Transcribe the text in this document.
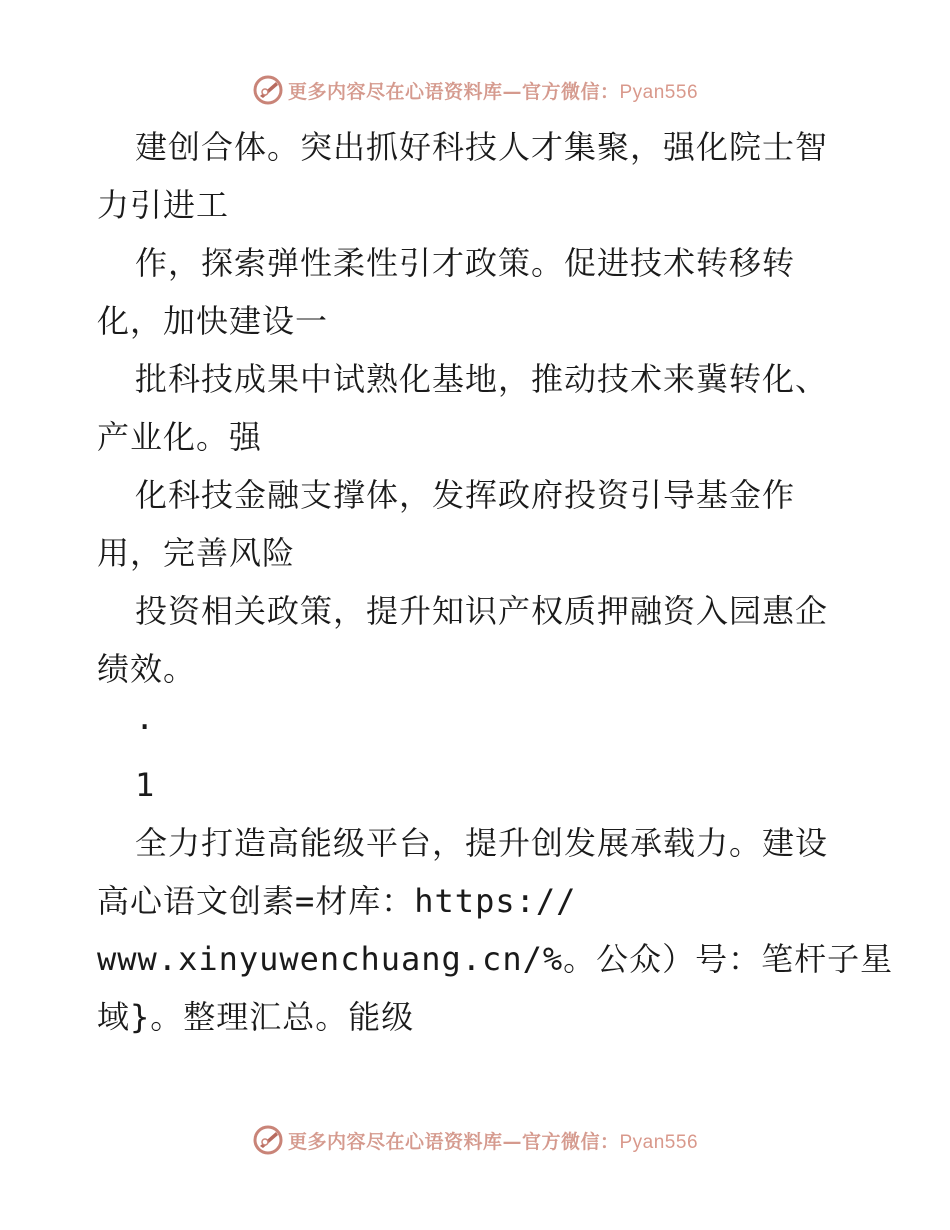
更多内容尽在心语资料库—官方微信：Pyan556
建创合体。突出抓好科技人才集聚，强化院士智
力引进工
作，探索弹性柔性引才政策。促进技术转移转
化，加快建设一
批科技成果中试熟化基地，推动技术来冀转化、
产业化。强
化科技金融支撑体，发挥政府投资引导基金作
用，完善风险
投资相关政策，提升知识产权质押融资入园惠企
绩效。
·
1
全力打造高能级平台，提升创发展承载力。建设
高心语文创素=材库：https://
www.xinyuwenchuang.cn/%。公众）号：笔杆子星
域}。整理汇总。能级
更多内容尽在心语资料库—官方微信：Pyan556
